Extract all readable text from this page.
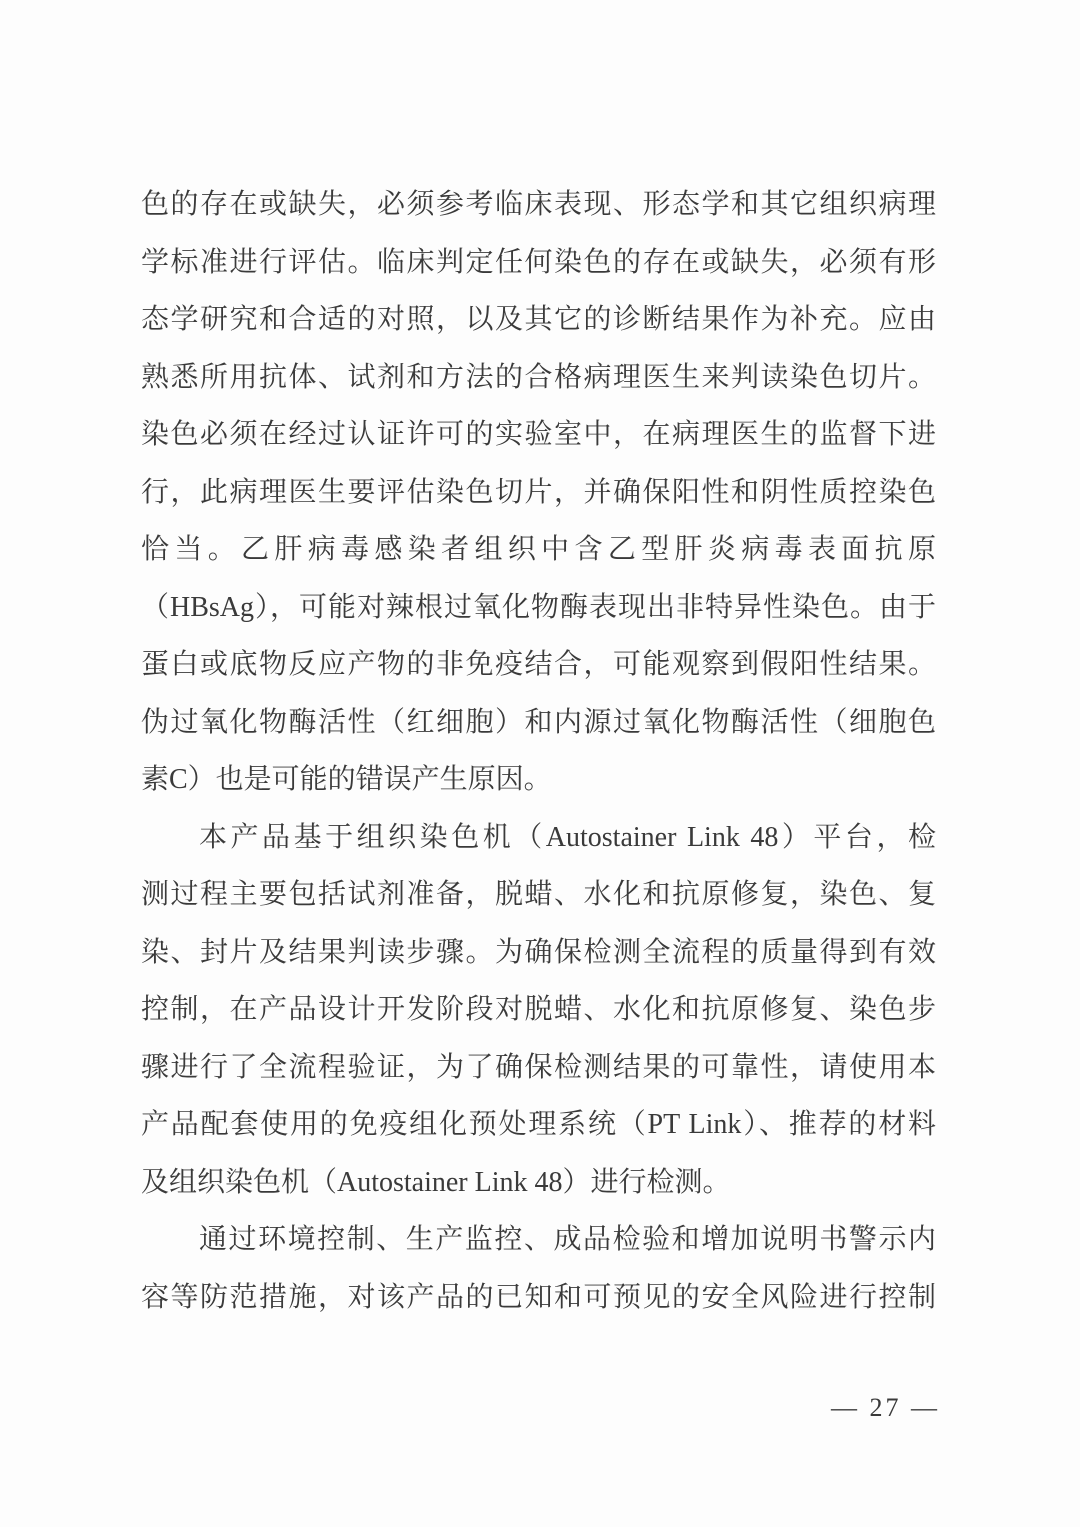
色的存在或缺失，必须参考临床表现、形态学和其它组织病理
学标准进行评估。临床判定任何染色的存在或缺失，必须有形
态学研究和合适的对照，以及其它的诊断结果作为补充。应由
熟悉所用抗体、试剂和方法的合格病理医生来判读染色切片。
染色必须在经过认证许可的实验室中，在病理医生的监督下进
行，此病理医生要评估染色切片，并确保阳性和阴性质控染色
恰当。乙肝病毒感染者组织中含乙型肝炎病毒表面抗原
（HBsAg），可能对辣根过氧化物酶表现出非特异性染色。由于
蛋白或底物反应产物的非免疫结合，可能观察到假阳性结果。
伪过氧化物酶活性（红细胞）和内源过氧化物酶活性（细胞色
素C）也是可能的错误产生原因。
本产品基于组织染色机（Autostainer Link 48）平台，检
测过程主要包括试剂准备，脱蜡、水化和抗原修复，染色、复
染、封片及结果判读步骤。为确保检测全流程的质量得到有效
控制，在产品设计开发阶段对脱蜡、水化和抗原修复、染色步
骤进行了全流程验证，为了确保检测结果的可靠性，请使用本
产品配套使用的免疫组化预处理系统（PT Link）、推荐的材料
及组织染色机（Autostainer Link 48）进行检测。
通过环境控制、生产监控、成品检验和增加说明书警示内
容等防范措施，对该产品的已知和可预见的安全风险进行控制
— 27 —
